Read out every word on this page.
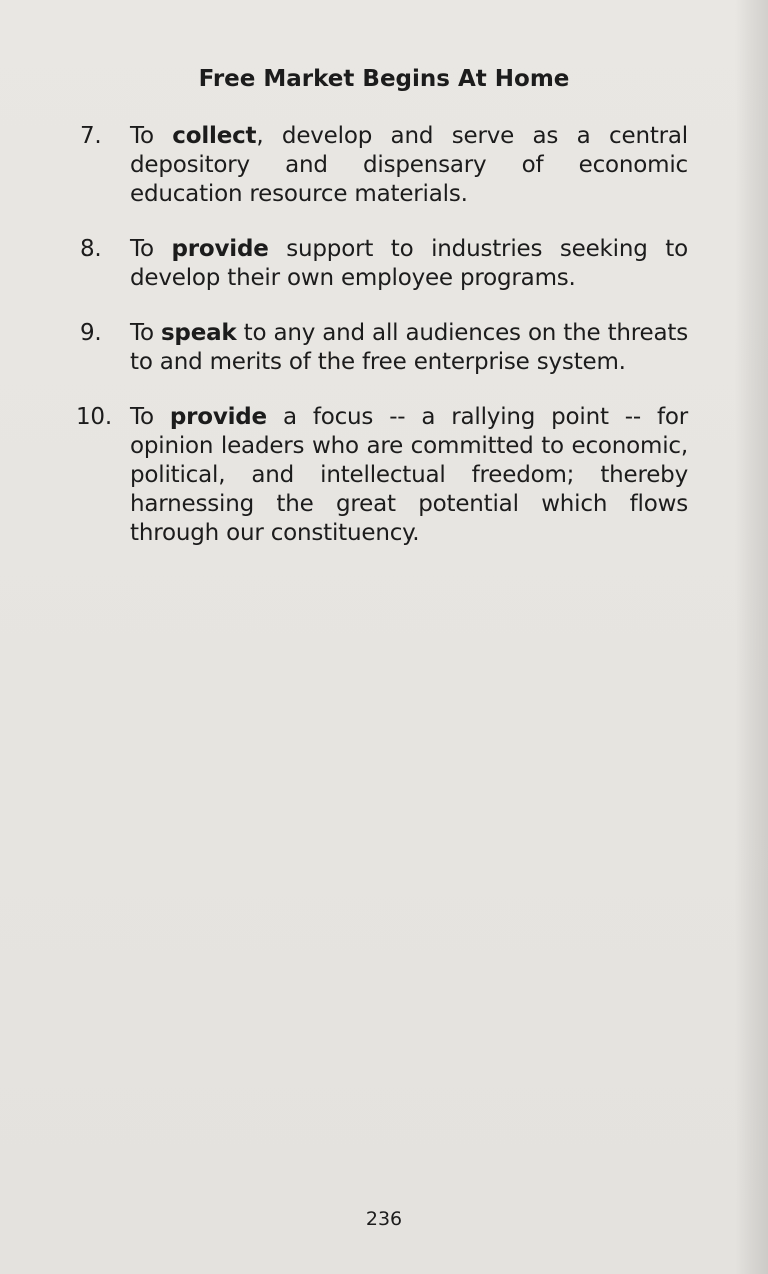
Free Market Begins At Home
7. To collect, develop and serve as a central depository and dispensary of economic education resource materials.
8. To provide support to industries seeking to develop their own employee programs.
9. To speak to any and all audiences on the threats to and merits of the free enterprise system.
10. To provide a focus -- a rallying point -- for opinion leaders who are committed to economic, political, and intellectual freedom; thereby harnessing the great potential which flows through our constituency.
236
